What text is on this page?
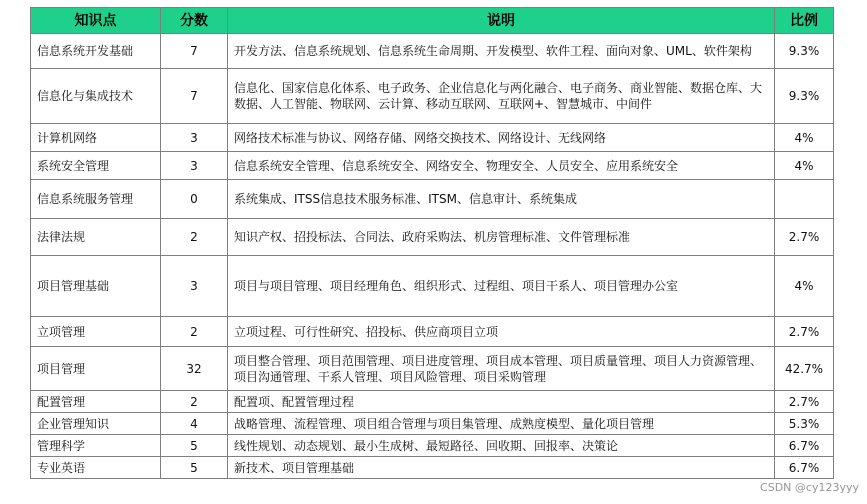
知识点	分数	说明	比例
信息系统开发基础	7	开发方法、信息系统规划、信息系统生命周期、开发模型、软件工程、面向对象、UML、软件架构	9.3%
信息化与集成技术	7	信息化、国家信息化体系、电子政务、企业信息化与两化融合、电子商务、商业智能、数据仓库、大数据、人工智能、物联网、云计算、移动互联网、互联网+、智慧城市、中间件	9.3%
计算机网络	3	网络技术标准与协议、网络存储、网络交换技术、网络设计、无线网络	4%
系统安全管理	3	信息系统安全管理、信息系统安全、网络安全、物理安全、人员安全、应用系统安全	4%
信息系统服务管理	0	系统集成、ITSS信息技术服务标准、ITSM、信息审计、系统集成	
法律法规	2	知识产权、招投标法、合同法、政府采购法、机房管理标准、文件管理标准	2.7%
项目管理基础	3	项目与项目管理、项目经理角色、组织形式、过程组、项目干系人、项目管理办公室	4%
立项管理	2	立项过程、可行性研究、招投标、供应商项目立项	2.7%
项目管理	32	项目整合管理、项目范围管理、项目进度管理、项目成本管理、项目质量管理、项目人力资源管理、项目沟通管理、干系人管理、项目风险管理、项目采购管理	42.7%
配置管理	2	配置项、配置管理过程	2.7%
企业管理知识	4	战略管理、流程管理、项目组合管理与项目集管理、成熟度模型、量化项目管理	5.3%
管理科学	5	线性规划、动态规划、最小生成树、最短路径、回收期、回报率、决策论	6.7%
专业英语	5	新技术、项目管理基础	6.7%
CSDN @cy123yyy
